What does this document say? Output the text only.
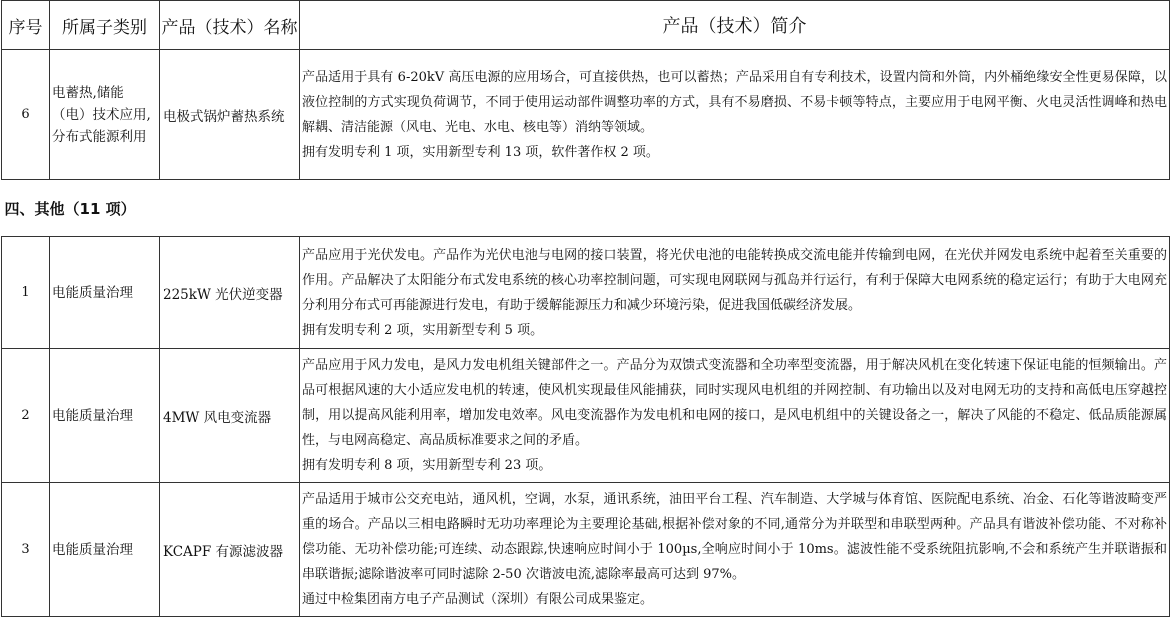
序号	所属子类别	产品（技术）名称	产品（技术）简介
6	电蓄热,储能（电）技术应用,分布式能源利用	电极式锅炉蓄热系统	产品适用于具有 6-20kV 高压电源的应用场合，可直接供热，也可以蓄热；产品采用自有专利技术，设置内筒和外筒，内外桶绝缘安全性更易保障，以液位控制的方式实现负荷调节，不同于使用运动部件调整功率的方式，具有不易磨损、不易卡顿等特点，主要应用于电网平衡、火电灵活性调峰和热电解耦、清洁能源（风电、光电、水电、核电等）消纳等领域。

拥有发明专利 1 项，实用新型专利 13 项，软件著作权 2 项。

四、其他（11 项）			
1	电能质量治理	225kW 光伏逆变器	产品应用于光伏发电。产品作为光伏电池与电网的接口装置，将光伏电池的电能转换成交流电能并传输到电网，在光伏并网发电系统中起着至关重要的作用。产品解决了太阳能分布式发电系统的核心功率控制问题，可实现电网联网与孤岛并行运行，有利于保障大电网系统的稳定运行；有助于大电网充分利用分布式可再能源进行发电，有助于缓解能源压力和减少环境污染，促进我国低碳经济发展。

拥有发明专利 2 项，实用新型专利 5 项。

2	电能质量治理	4MW 风电变流器	产品应用于风力发电，是风力发电机组关键部件之一。产品分为双馈式变流器和全功率型变流器，用于解决风机在变化转速下保证电能的恒频输出。产品可根据风速的大小适应发电机的转速，使风机实现最佳风能捕获，同时实现风电机组的并网控制、有功输出以及对电网无功的支持和高低电压穿越控制，用以提高风能利用率，增加发电效率。风电变流器作为发电机和电网的接口，是风电机组中的关键设备之一，解决了风能的不稳定、低品质能源属性，与电网高稳定、高品质标准要求之间的矛盾。

拥有发明专利 8 项，实用新型专利 23 项。

3	电能质量治理	KCAPF 有源滤波器	产品适用于城市公交充电站，通风机，空调，水泵，通讯系统，油田平台工程、汽车制造、大学城与体育馆、医院配电系统、冶金、石化等谐波畸变严重的场合。产品以三相电路瞬时无功功率理论为主要理论基础,根据补偿对象的不同,通常分为并联型和串联型两种。产品具有谐波补偿功能、不对称补偿功能、无功补偿功能;可连续、动态跟踪,快速响应时间小于 100µs,全响应时间小于 10ms。滤波性能不受系统阻抗影响,不会和系统产生并联谐振和串联谐振;滤除谐波率可同时滤除 2-50 次谐波电流,滤除率最高可达到 97%。

通过中检集团南方电子产品测试（深圳）有限公司成果鉴定。
